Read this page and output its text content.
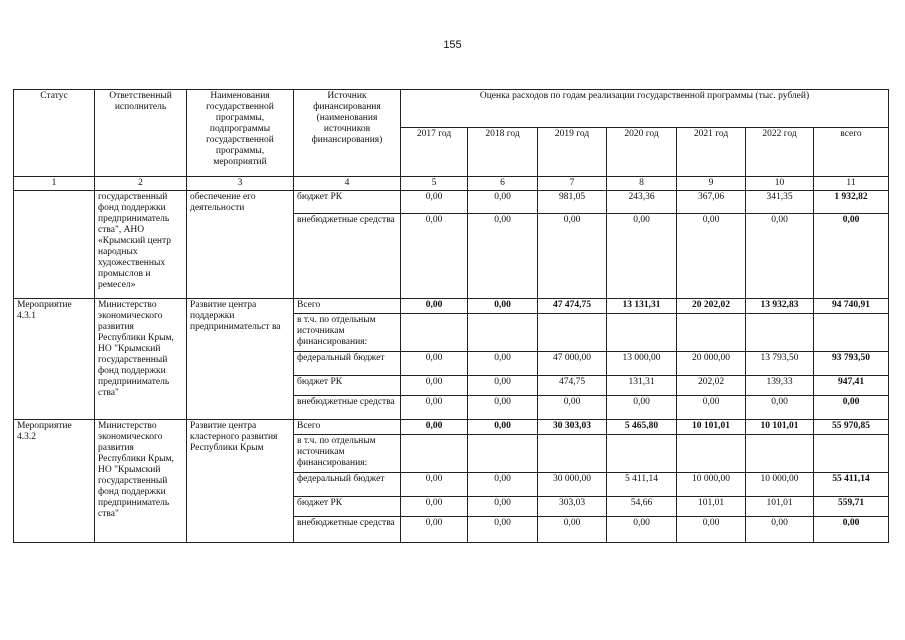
155
Статус	Ответственный исполнитель	Наименования государственной программы, подпрограммы государственной программы, мероприятий	Источник финансирования (наименования источников финансирования)	Оценка расходов по годам реализации государственной программы (тыс. рублей)						
				2017 год	2018 год	2019 год	2020 год	2021 год	2022 год	всего
1	2	3	4	5	6	7	8	9	10	11
	государственный фонд поддержки предприниматель ства", АНО «Крымский центр народных художественных промыслов и ремесел»	обеспечение его деятельности	бюджет РК	0,00	0,00	981,05	243,36	367,06	341,35	1 932,82
			внебюджетные средства	0,00	0,00	0,00	0,00	0,00	0,00	0,00
Мероприятие 4.3.1	Министерство экономического развития Республики Крым, НО "Крымский государственный фонд поддержки предприниматель ства"	Развитие центра поддержки предпринимательст ва	Всего	0,00	0,00	47 474,75	13 131,31	20 202,02	13 932,83	94 740,91
			в т.ч. по отдельным источникам финансирования:							
			федеральный бюджет	0,00	0,00	47 000,00	13 000,00	20 000,00	13 793,50	93 793,50
			бюджет РК	0,00	0,00	474,75	131,31	202,02	139,33	947,41
			внебюджетные средства	0,00	0,00	0,00	0,00	0,00	0,00	0,00
Мероприятие 4.3.2	Министерство экономического развития Республики Крым, НО "Крымский государственный фонд поддержки предприниматель ства"	Развитие центра кластерного развития Республики Крым	Всего	0,00	0,00	30 303,03	5 465,80	10 101,01	10 101,01	55 970,85
			в т.ч. по отдельным источникам финансирования:							
			федеральный бюджет	0,00	0,00	30 000,00	5 411,14	10 000,00	10 000,00	55 411,14
			бюджет РК	0,00	0,00	303,03	54,66	101,01	101,01	559,71
			внебюджетные средства	0,00	0,00	0,00	0,00	0,00	0,00	0,00
